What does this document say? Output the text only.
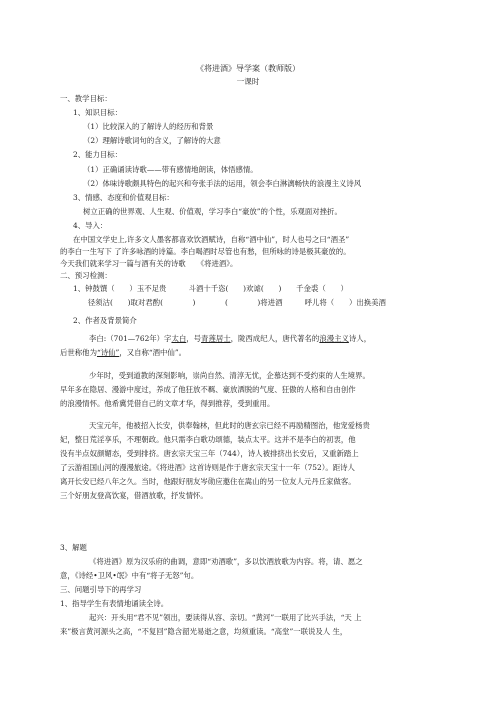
《将进酒》导学案（教师版）
一课时
一、教学目标：
1、知识目标：
（1）比较深入的了解诗人的经历和背景
（2）理解诗歌词句的含义，了解诗的大意
2、能力目标：
（1）正确诵读诗歌——带有感情地朗读，体悟感情。
（2）体味诗歌颇具特色的起兴和夸张手法的运用，领会李白淋漓畅快的浪漫主义诗风
3、情感、态度和价值观目标：
树立正确的世界观、人生观、价值观，学习李白“豪放”的个性，乐观面对挫折。
4、导入：
在中国文学史上,许多文人墨客都喜欢饮酒赋诗，自称“酒中仙”，时人也号之曰“酒圣”
的李白一生写下 了许多咏酒的诗篇。李白喝酒时尽管也有愁，但所咏的诗是极其豪放的。
今天我们就来学习一篇与酒有关的诗歌　　《将进酒》。
二、预习检测：
1、钟鼓馔（　　）玉不足贵　　　斗酒十千恣(　　)欢谑(　　)　　千金裘（　　）
　　径须沽(　　)取对君酌(　　　　)　　　　(　　　　)将进酒　　　呼儿将（　　）出换美酒
2、作者及背景简介
李白:（701—762年）字太白，号青莲居士，陇西成纪人，唐代著名的浪漫主义诗人，
后世称他为“诗仙”，又自称“酒中仙”。
少年时，受到道教的深刻影响，崇尚自然、清淳无忧，企慕达到不受约束的人生境界。
早年多在隐居、漫游中度过，养成了他狂放不羁、豪放洒脱的气度、狂傲的人格和自由创作
的浪漫情怀。他希冀凭借自己的文章才华，得到推荐，受到重用。
天宝元年，他被招入长安，供奉翰林，但此时的唐玄宗已经不再励精图治，他宠爱杨贵
妃，整日荒淫享乐，不理朝政。他只需李白歌功颂德，装点太平。这并不是李白的初衷，他
没有半点奴颜媚态，受到排挤。唐玄宗天宝三年（744），诗人被排挤出长安后，又重新踏上
了云游祖国山河的漫漫旅途。《将进酒》这首诗则是作于唐玄宗天宝十一年（752）。距诗人
离开长安已经八年之久。当时，他跟好朋友岑勋应邀住在嵩山的另一位友人元丹丘家做客。
三个好朋友登高饮宴，借酒放歌，抒发情怀。
3、解题
《将进酒》原为汉乐府的曲调，意即“劝酒歌”，多以饮酒放歌为内容。将，请、愿之
意，《诗经•卫风•氓》中有“将子无怒”句。
三、问题引导下的再学习
1、指导学生有表情地诵读全诗。
起兴：开头用“君不见”领出，要读得从容、亲切。“黄河”一联用了比兴手法，“天 上
来”极言黄河源头之高，“不复回”隐含韶光易逝之意，均须重读。“高堂”一联说及人 生，
